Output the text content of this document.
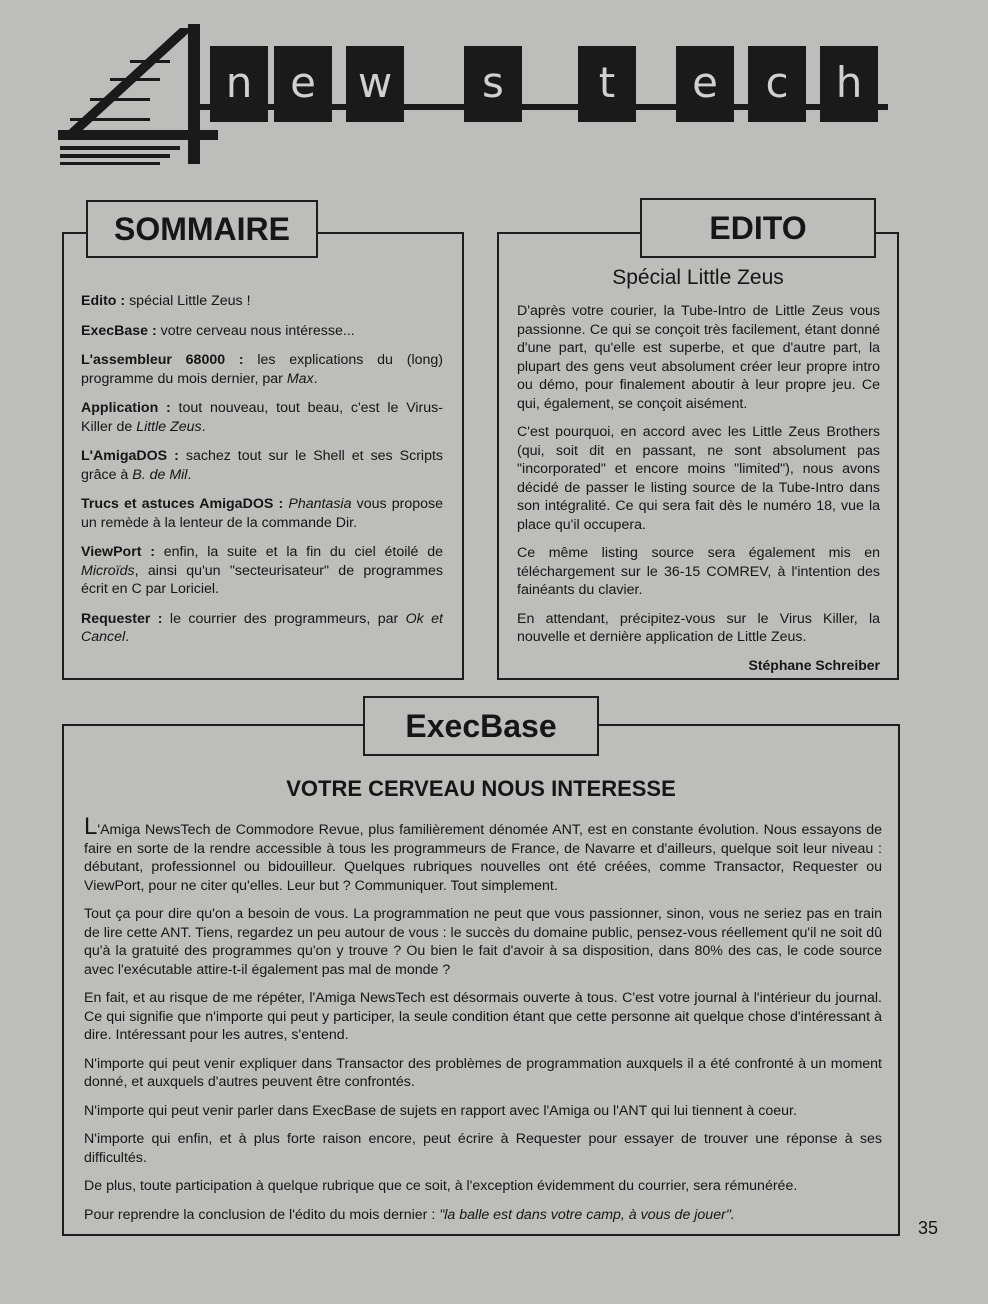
n e w	s	t	e	c	h
SOMMAIRE

Edito : spécial Little Zeus !

ExecBase : votre cerveau nous intéresse...

L'assembleur 68000 : les explications du (long) programme du mois dernier, par Max.

Application : tout nouveau, tout beau, c'est le Virus-Killer de Little Zeus.

L'AmigaDOS : sachez tout sur le Shell et ses Scripts grâce à B. de Mil.

Trucs et astuces AmigaDOS : Phantasia vous propose un remède à la lenteur de la commande Dir.

ViewPort : enfin, la suite et la fin du ciel étoilé de Microïds, ainsi qu'un "secteurisateur" de programmes écrit en C par Loriciel.

Requester : le courrier des programmeurs, par Ok et Cancel.

EDITO
Spécial Little Zeus

D'après votre courier, la Tube-Intro de Little Zeus vous passionne. Ce qui se conçoit très facilement, étant donné d'une part, qu'elle est superbe, et que d'autre part, la plupart des gens veut absolument créer leur propre intro ou démo, pour finalement aboutir à leur propre jeu. Ce qui, également, se conçoit aisément.

C'est pourquoi, en accord avec les Little Zeus Brothers (qui, soit dit en passant, ne sont absolument pas "incorporated" et encore moins "limited"), nous avons décidé de passer le listing source de la Tube-Intro dans son intégralité. Ce qui sera fait dès le numéro 18, vue la place qu'il occupera.

Ce même listing source sera également mis en téléchargement sur le 36-15 COMREV, à l'intention des fainéants du clavier.

En attendant, précipitez-vous sur le Virus Killer, la nouvelle et dernière application de Little Zeus.

Stéphane Schreiber
ExecBase
VOTRE CERVEAU NOUS INTERESSE

L'Amiga NewsTech de Commodore Revue, plus familièrement dénomée ANT, est en constante évolution. Nous essayons de faire en sorte de la rendre accessible à tous les programmeurs de France, de Navarre et d'ailleurs, quelque soit leur niveau : débutant, professionnel ou bidouilleur. Quelques rubriques nouvelles ont été créées, comme Transactor, Requester ou ViewPort, pour ne citer qu'elles. Leur but ? Communiquer. Tout simplement.

Tout ça pour dire qu'on a besoin de vous. La programmation ne peut que vous passionner, sinon, vous ne seriez pas en train de lire cette ANT. Tiens, regardez un peu autour de vous : le succès du domaine public, pensez-vous réellement qu'il ne soit dû qu'à la gratuité des programmes qu'on y trouve ? Ou bien le fait d'avoir à sa disposition, dans 80% des cas, le code source avec l'exécutable attire-t-il également pas mal de monde ?

En fait, et au risque de me répéter, l'Amiga NewsTech est désormais ouverte à tous. C'est votre journal à l'intérieur du journal. Ce qui signifie que n'importe qui peut y participer, la seule condition étant que cette personne ait quelque chose d'intéressant à dire. Intéressant pour les autres, s'entend.

N'importe qui peut venir expliquer dans Transactor des problèmes de programmation auxquels il a été confronté à un moment donné, et auxquels d'autres peuvent être confrontés.

N'importe qui peut venir parler dans ExecBase de sujets en rapport avec l'Amiga ou l'ANT qui lui tiennent à coeur.

N'importe qui enfin, et à plus forte raison encore, peut écrire à Requester pour essayer de trouver une réponse à ses difficultés.

De plus, toute participation à quelque rubrique que ce soit, à l'exception évidemment du courrier, sera rémunérée.

Pour reprendre la conclusion de l'édito du mois dernier : "la balle est dans votre camp, à vous de jouer".

35
